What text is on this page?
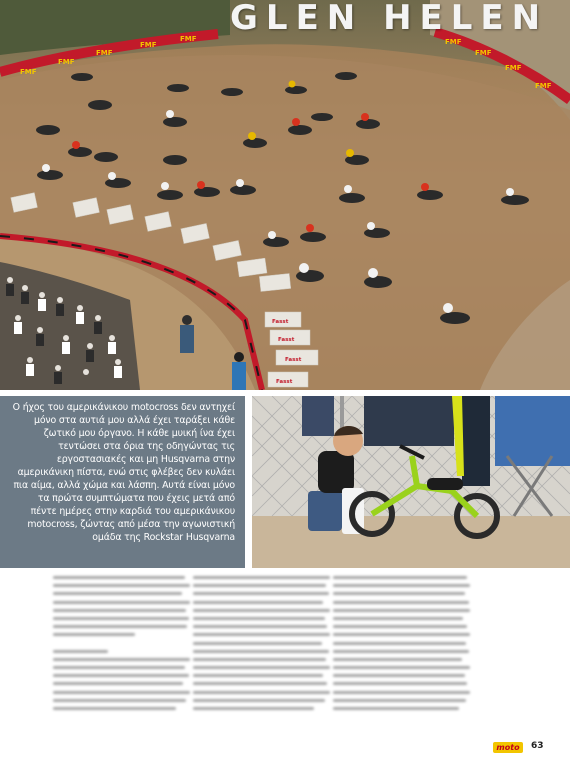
FMF
FMF
FMF
FMF
FMF	FMF
FMF
FMF
FMF
Fasst
Fasst
Fasst
Fasst
GLEN HELEN

Ο ήχος του αμερικάνικου motocross δεν αντηχεί μόνο στα αυτιά μου αλλά έχει ταράξει κάθε ζωτικό μου όργανο. Η κάθε μυική ίνα έχει τεντώσει στα όρια της οδηγώντας τις εργοστασιακές και μη Husqvarna στην αμερικάνικη πίστα, ενώ στις φλέβες δεν κυλάει πια αίμα, αλλά χώμα και λάσπη. Αυτά είναι μόνο τα πρώτα συμπτώματα που έχεις μετά από πέντε ημέρες στην καρδιά του αμερικάνικου motocross, ζώντας από μέσα την αγωνιστική ομάδα της Rockstar Husqvarna

moto	63
